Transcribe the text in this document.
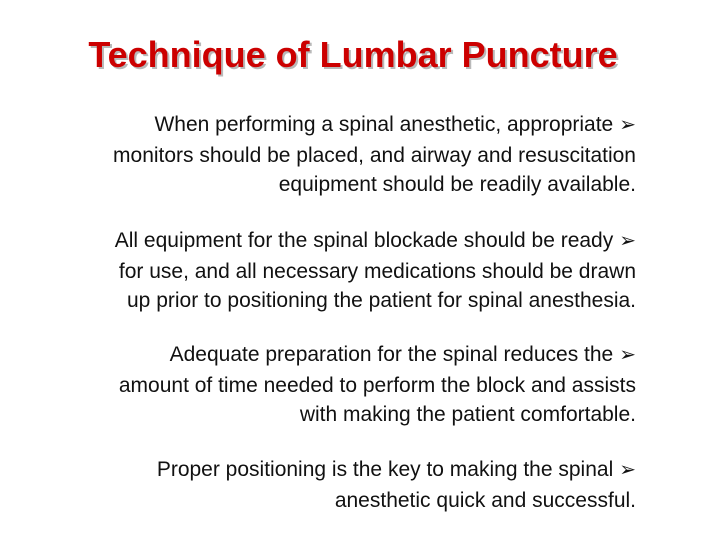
Technique of Lumbar Puncture
When performing a spinal anesthetic, appropriate ➢
monitors should be placed, and airway and resuscitation
equipment should be readily available.
All equipment for the spinal blockade should be ready ➢
for use, and all necessary medications should be drawn
up prior to positioning the patient for spinal anesthesia.
Adequate preparation for the spinal reduces the ➢
amount of time needed to perform the block and assists
with making the patient comfortable.
Proper positioning is the key to making the spinal ➢
anesthetic quick and successful.
